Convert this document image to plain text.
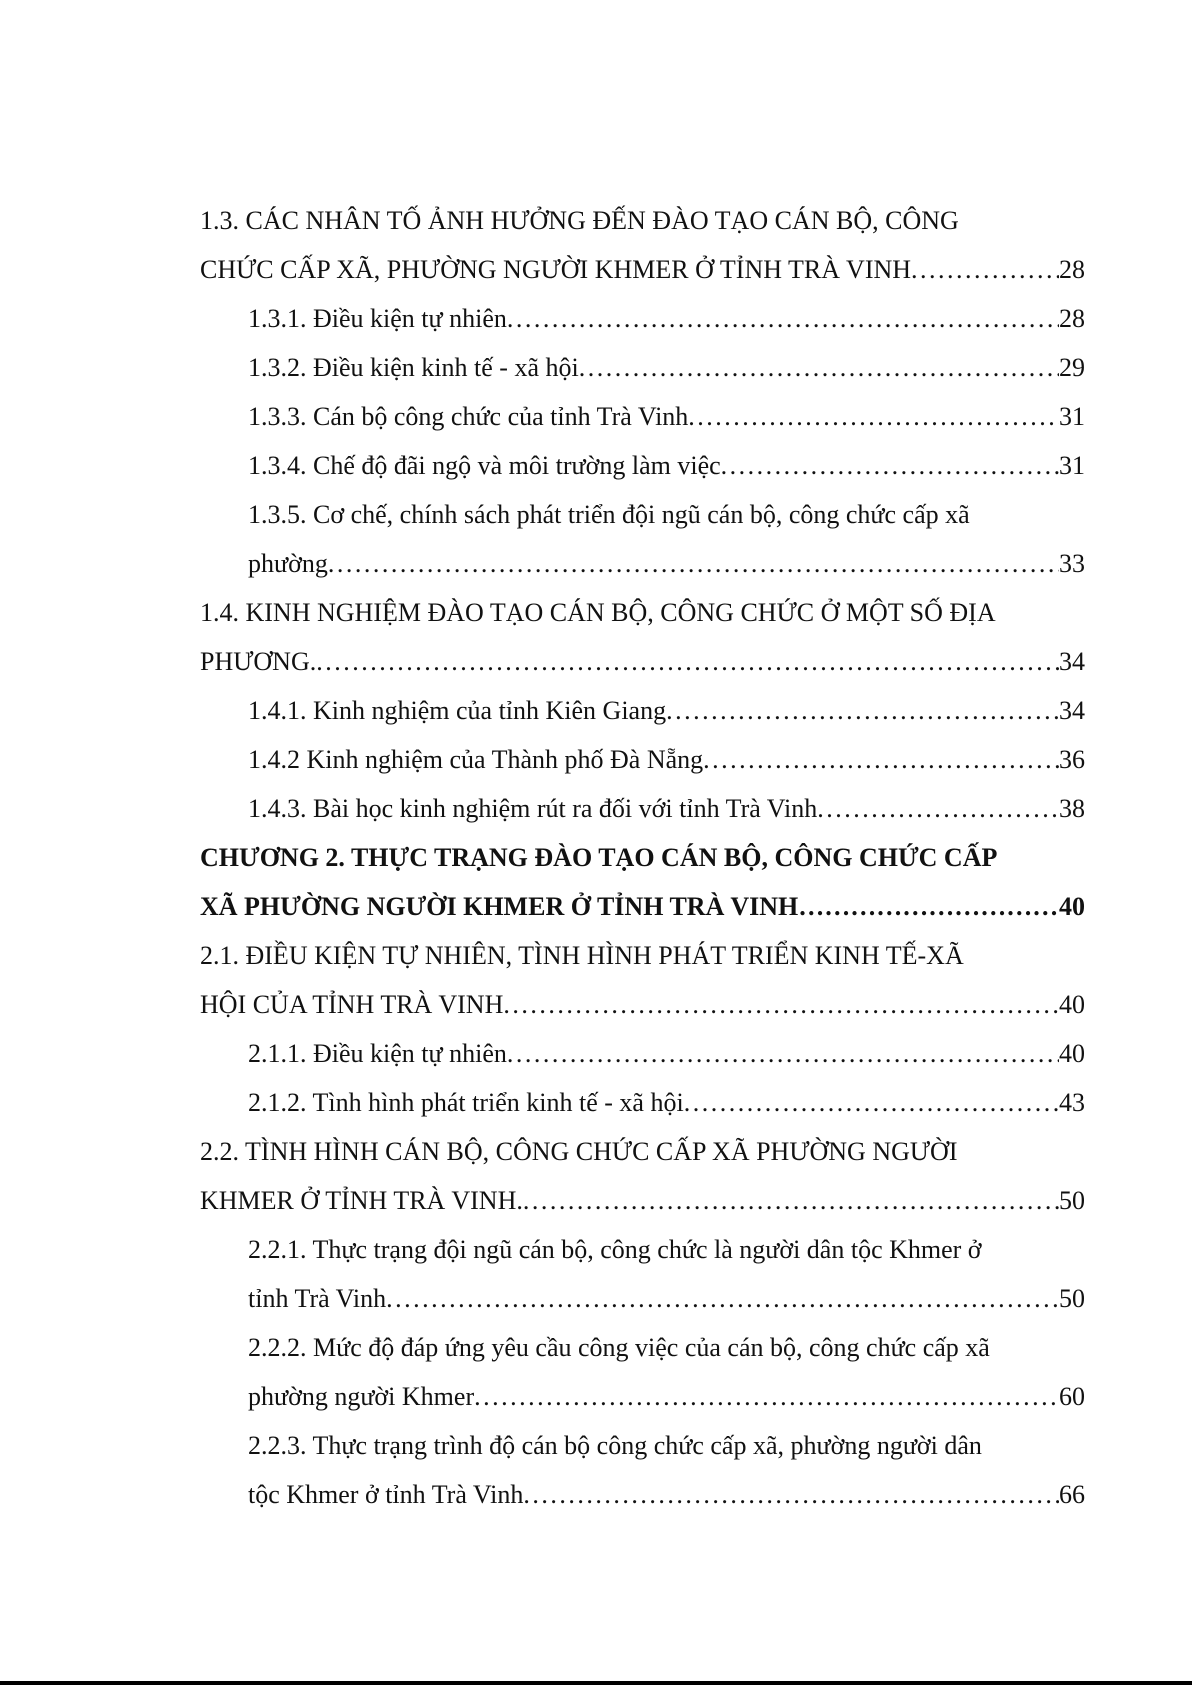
1.3. CÁC NHÂN TỐ ẢNH HƯỞNG ĐẾN ĐÀO TẠO CÁN BỘ, CÔNG
CHỨC CẤP XÃ, PHƯỜNG NGƯỜI KHMER Ở TỈNH TRÀ VINH . . .	28
1.3.1. Điều kiện tự nhiên . . .	28
1.3.2. Điều kiện kinh tế - xã hội . . .	29
1.3.3. Cán bộ công chức của tỉnh Trà Vinh . . .	31
1.3.4. Chế độ đãi ngộ và môi trường làm việc . . .	31
1.3.5. Cơ chế, chính sách phát triển đội ngũ cán bộ, công chức cấp xã
phường . . .	33
1.4. KINH NGHIỆM ĐÀO TẠO CÁN BỘ, CÔNG CHỨC Ở MỘT SỐ ĐỊA
PHƯƠNG. . . .	34
1.4.1. Kinh nghiệm của tỉnh Kiên Giang . . .	34
1.4.2 Kinh nghiệm của Thành phố Đà Nẵng . . .	36
1.4.3. Bài học kinh nghiệm rút ra đối với tỉnh Trà Vinh . . .	38
CHƯƠNG 2. THỰC TRẠNG ĐÀO TẠO CÁN BỘ, CÔNG CHỨC CẤP
XÃ PHƯỜNG NGƯỜI KHMER Ở TỈNH TRÀ VINH …………………………………………………………………………………………………………	40
2.1. ĐIỀU KIỆN TỰ NHIÊN, TÌNH HÌNH PHÁT TRIỂN KINH TẾ-XÃ
HỘI CỦA TỈNH TRÀ VINH . . .	40
2.1.1. Điều kiện tự nhiên . . .	40
2.1.2. Tình hình phát triển kinh tế - xã hội . . .	43
2.2. TÌNH HÌNH CÁN BỘ, CÔNG CHỨC CẤP XÃ PHƯỜNG NGƯỜI
KHMER Ở TỈNH TRÀ VINH. . . .	50
2.2.1. Thực trạng đội ngũ cán bộ, công chức là người dân tộc Khmer ở
tỉnh Trà Vinh . . .	50
2.2.2. Mức độ đáp ứng yêu cầu công việc của cán bộ, công chức cấp xã
phường người Khmer . . .	60
2.2.3. Thực trạng trình độ cán bộ công chức cấp xã, phường người dân
tộc Khmer ở tỉnh Trà Vinh . . .	66
